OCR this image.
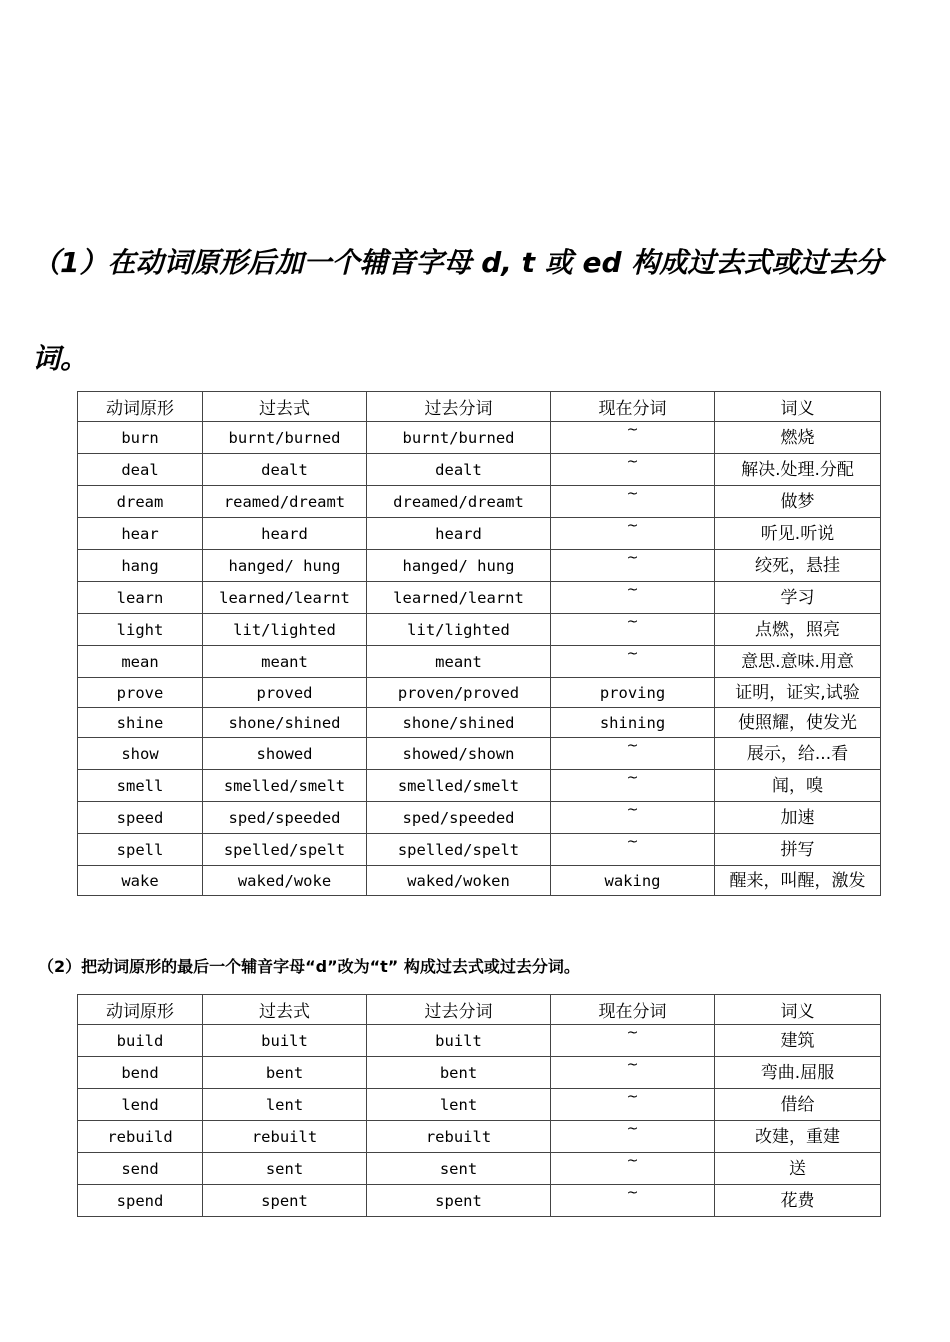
（1）在动词原形后加一个辅音字母 d, t 或 ed 构成过去式或过去分词。

动词原形	过去式	过去分词	现在分词	词义
burn	burnt/burned	burnt/burned	~	燃烧
deal	dealt	dealt	~	解决.处理.分配
dream	reamed/dreamt	dreamed/dreamt	~	做梦
hear	heard	heard	~	听见.听说
hang	hanged/ hung	hanged/ hung	~	绞死，悬挂
learn	learned/learnt	learned/learnt	~	学习
light	lit/lighted	lit/lighted	~	点燃，照亮
mean	meant	meant	~	意思.意味.用意
prove	proved	proven/proved	proving	证明，证实,试验
shine	shone/shined	shone/shined	shining	使照耀，使发光
show	showed	showed/shown	~	展示，给...看
smell	smelled/smelt	smelled/smelt	~	闻，嗅
speed	sped/speeded	sped/speeded	~	加速
spell	spelled/spelt	spelled/spelt	~	拼写
wake	waked/woke	waked/woken	waking	醒来，叫醒，激发

（2）把动词原形的最后一个辅音字母“d”改为“t” 构成过去式或过去分词。

动词原形	过去式	过去分词	现在分词	词义
build	built	built	~	建筑
bend	bent	bent	~	弯曲.屈服
lend	lent	lent	~	借给
rebuild	rebuilt	rebuilt	~	改建，重建
send	sent	sent	~	送
spend	spent	spent	~	花费
